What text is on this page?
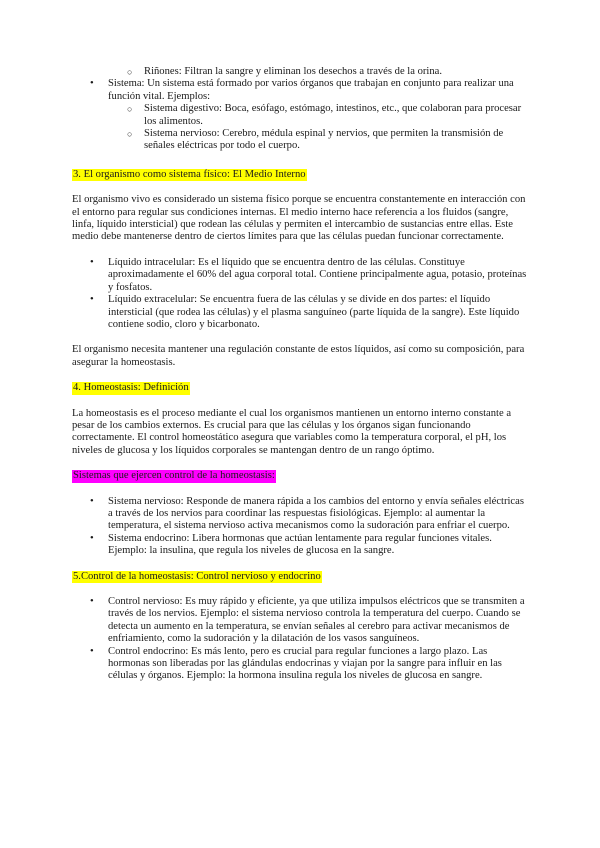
○ Riñones: Filtran la sangre y eliminan los desechos a través de la orina.
• Sistema: Un sistema está formado por varios órganos que trabajan en conjunto para realizar una función vital. Ejemplos:
○ Sistema digestivo: Boca, esófago, estómago, intestinos, etc., que colaboran para procesar los alimentos.
○ Sistema nervioso: Cerebro, médula espinal y nervios, que permiten la transmisión de señales eléctricas por todo el cuerpo.

3. El organismo como sistema físico: El Medio Interno

El organismo vivo es considerado un sistema físico porque se encuentra constantemente en interacción con el entorno para regular sus condiciones internas. El medio interno hace referencia a los fluidos (sangre, linfa, líquido intersticial) que rodean las células y permiten el intercambio de sustancias entre ellas. Este medio debe mantenerse dentro de ciertos límites para que las células puedan funcionar correctamente.

• Líquido intracelular: Es el líquido que se encuentra dentro de las células. Constituye aproximadamente el 60% del agua corporal total. Contiene principalmente agua, potasio, proteínas y fosfatos.
• Líquido extracelular: Se encuentra fuera de las células y se divide en dos partes: el líquido intersticial (que rodea las células) y el plasma sanguíneo (parte líquida de la sangre). Este líquido contiene sodio, cloro y bicarbonato.

El organismo necesita mantener una regulación constante de estos líquidos, así como su composición, para asegurar la homeostasis.

4. Homeostasis: Definición

La homeostasis es el proceso mediante el cual los organismos mantienen un entorno interno constante a pesar de los cambios externos. Es crucial para que las células y los órganos sigan funcionando correctamente. El control homeostático asegura que variables como la temperatura corporal, el pH, los niveles de glucosa y los líquidos corporales se mantengan dentro de un rango óptimo.

Sistemas que ejercen control de la homeostasis:

• Sistema nervioso: Responde de manera rápida a los cambios del entorno y envía señales eléctricas a través de los nervios para coordinar las respuestas fisiológicas. Ejemplo: al aumentar la temperatura, el sistema nervioso activa mecanismos como la sudoración para enfriar el cuerpo.
• Sistema endocrino: Libera hormonas que actúan lentamente para regular funciones vitales. Ejemplo: la insulina, que regula los niveles de glucosa en la sangre.

5.Control de la homeostasis: Control nervioso y endocrino

• Control nervioso: Es muy rápido y eficiente, ya que utiliza impulsos eléctricos que se transmiten a través de los nervios. Ejemplo: el sistema nervioso controla la temperatura del cuerpo. Cuando se detecta un aumento en la temperatura, se envían señales al cerebro para activar mecanismos de enfriamiento, como la sudoración y la dilatación de los vasos sanguíneos.
• Control endocrino: Es más lento, pero es crucial para regular funciones a largo plazo. Las hormonas son liberadas por las glándulas endocrinas y viajan por la sangre para influir en las células y órganos. Ejemplo: la hormona insulina regula los niveles de glucosa en sangre.
